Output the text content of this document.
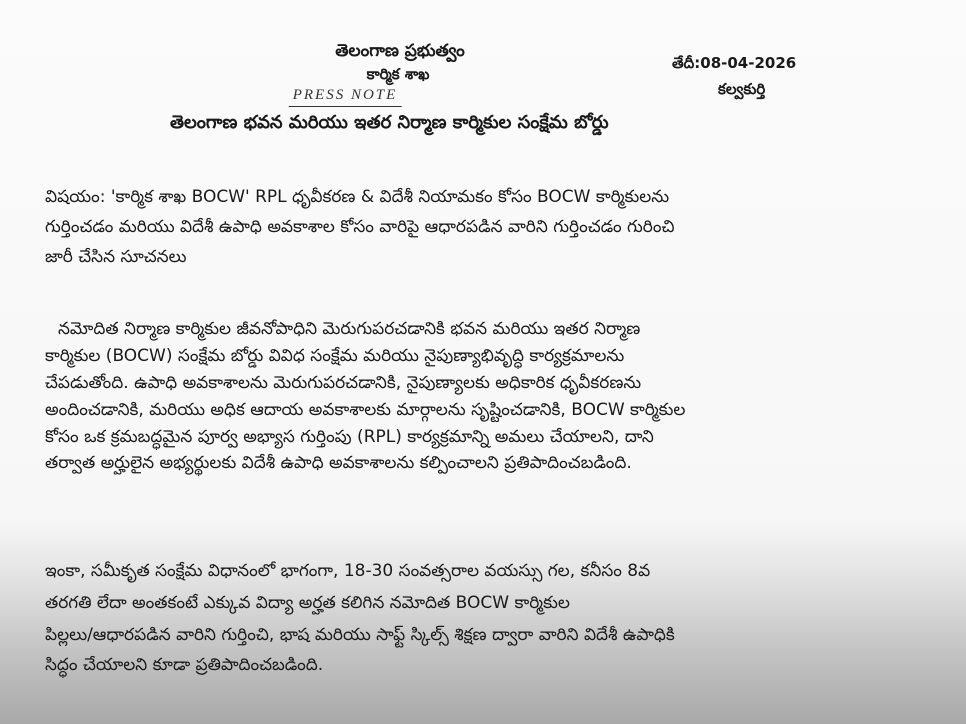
తెలంగాణ ప్రభుత్వం
కార్మిక శాఖ
PRESS NOTE
తెలంగాణ భవన మరియు ఇతర నిర్మాణ కార్మికుల సంక్షేమ బోర్డు
తేదీ:08-04-2026
కల్వకుర్తి
విషయం: 'కార్మిక శాఖ BOCW' RPL ధృవీకరణ & విదేశీ నియామకం కోసం BOCW కార్మికులను
గుర్తించడం మరియు విదేశీ ఉపాధి అవకాశాల కోసం వారిపై ఆధారపడిన వారిని గుర్తించడం గురించి
జారీ చేసిన సూచనలు
నమోదిత నిర్మాణ కార్మికుల జీవనోపాధిని మెరుగుపరచడానికి భవన మరియు ఇతర నిర్మాణ
కార్మికుల (BOCW) సంక్షేమ బోర్డు వివిధ సంక్షేమ మరియు నైపుణ్యాభివృద్ధి కార్యక్రమాలను
చేపడుతోంది. ఉపాధి అవకాశాలను మెరుగుపరచడానికి, నైపుణ్యాలకు అధికారిక ధృవీకరణను
అందించడానికి, మరియు అధిక ఆదాయ అవకాశాలకు మార్గాలను సృష్టించడానికి, BOCW కార్మికుల
కోసం ఒక క్రమబద్ధమైన పూర్వ అభ్యాస గుర్తింపు (RPL) కార్యక్రమాన్ని అమలు చేయాలని, దాని
తర్వాత అర్హులైన అభ్యర్థులకు విదేశీ ఉపాధి అవకాశాలను కల్పించాలని ప్రతిపాదించబడింది.
ఇంకా, సమీకృత సంక్షేమ విధానంలో భాగంగా, 18-30 సంవత్సరాల వయస్సు గల, కనీసం 8వ
తరగతి లేదా అంతకంటే ఎక్కువ విద్యా అర్హత కలిగిన నమోదిత BOCW కార్మికుల
పిల్లలు/ఆధారపడిన వారిని గుర్తించి, భాష మరియు సాఫ్ట్ స్కిల్స్ శిక్షణ ద్వారా వారిని విదేశీ ఉపాధికి
సిద్ధం చేయాలని కూడా ప్రతిపాదించబడింది.
